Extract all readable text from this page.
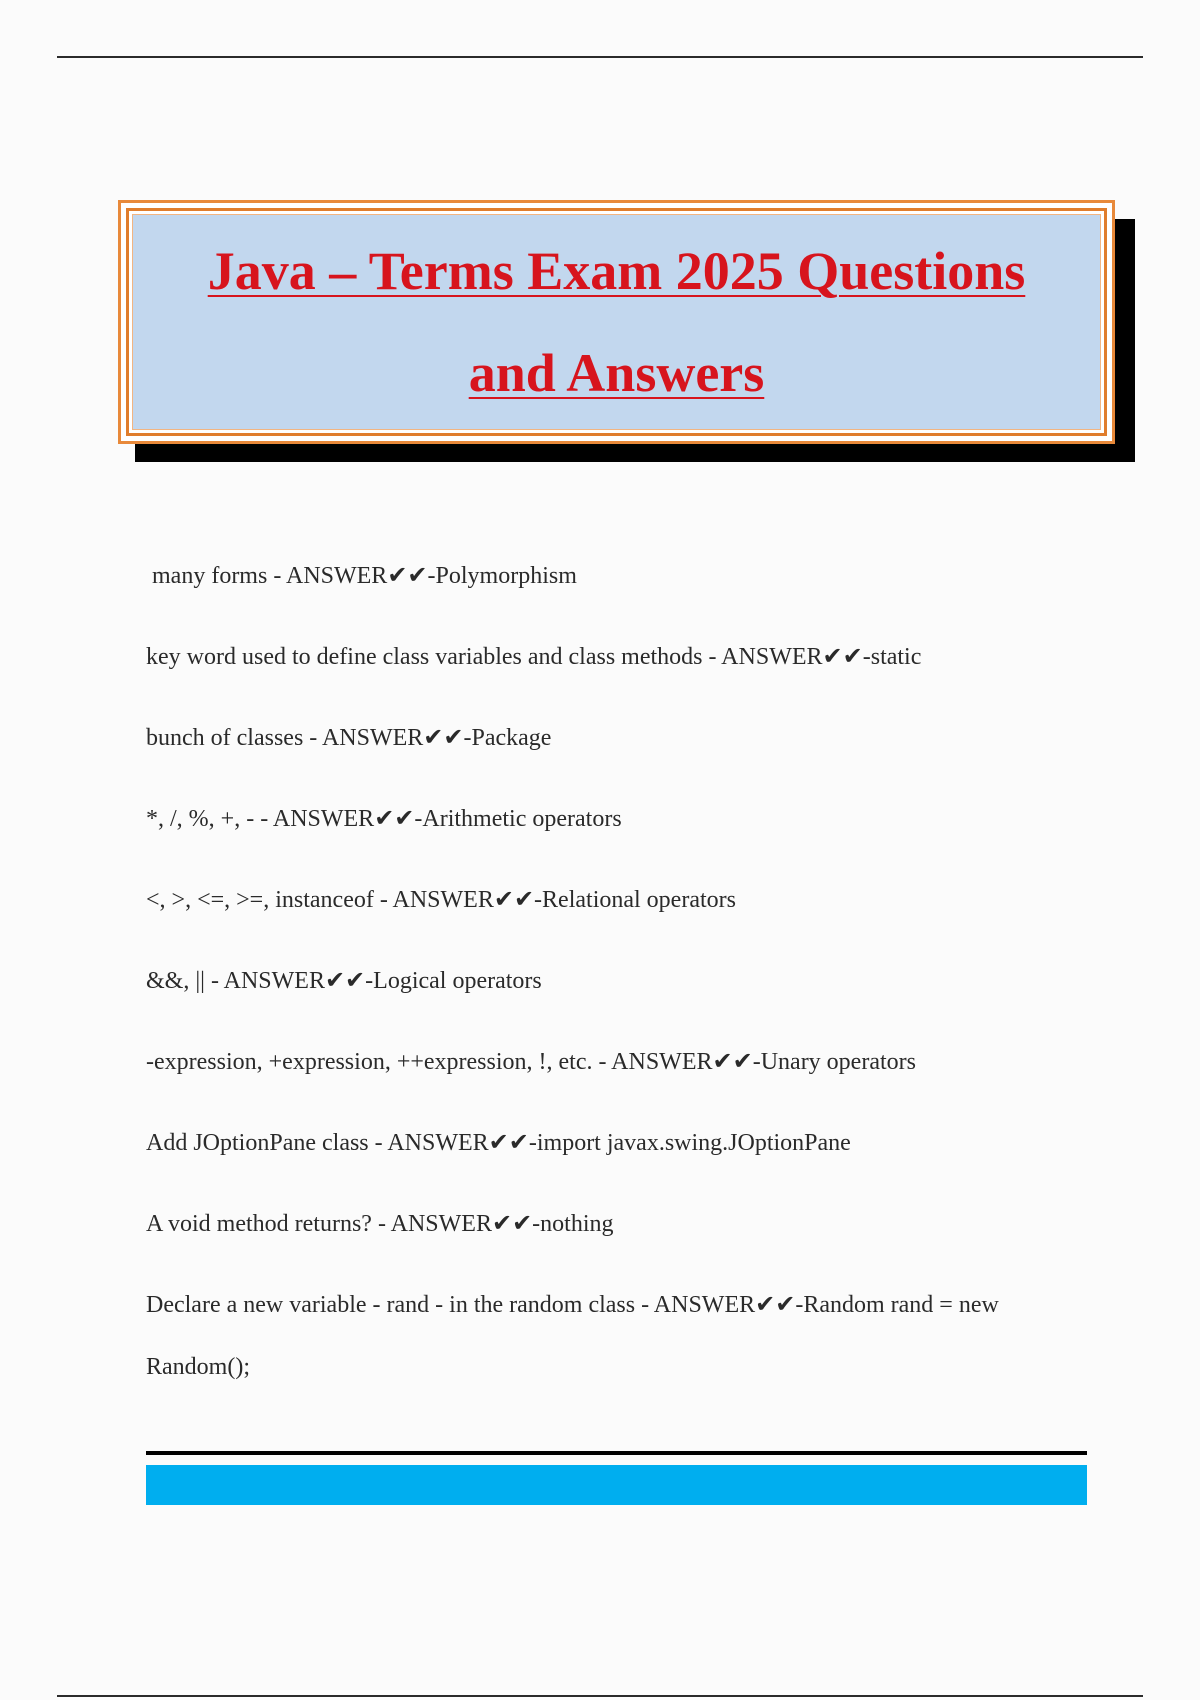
Java – Terms Exam 2025 Questions
and Answers
many forms - ANSWER✔✔-Polymorphism
key word used to define class variables and class methods - ANSWER✔✔-static
bunch of classes - ANSWER✔✔-Package
*, /, %, +, - - ANSWER✔✔-Arithmetic operators
<, >, <=, >=, instanceof - ANSWER✔✔-Relational operators
&&, || - ANSWER✔✔-Logical operators
-expression, +expression, ++expression, !, etc. - ANSWER✔✔-Unary operators
Add JOptionPane class - ANSWER✔✔-import javax.swing.JOptionPane
A void method returns? - ANSWER✔✔-nothing
Declare a new variable - rand - in the random class - ANSWER✔✔-Random rand = new Random();
